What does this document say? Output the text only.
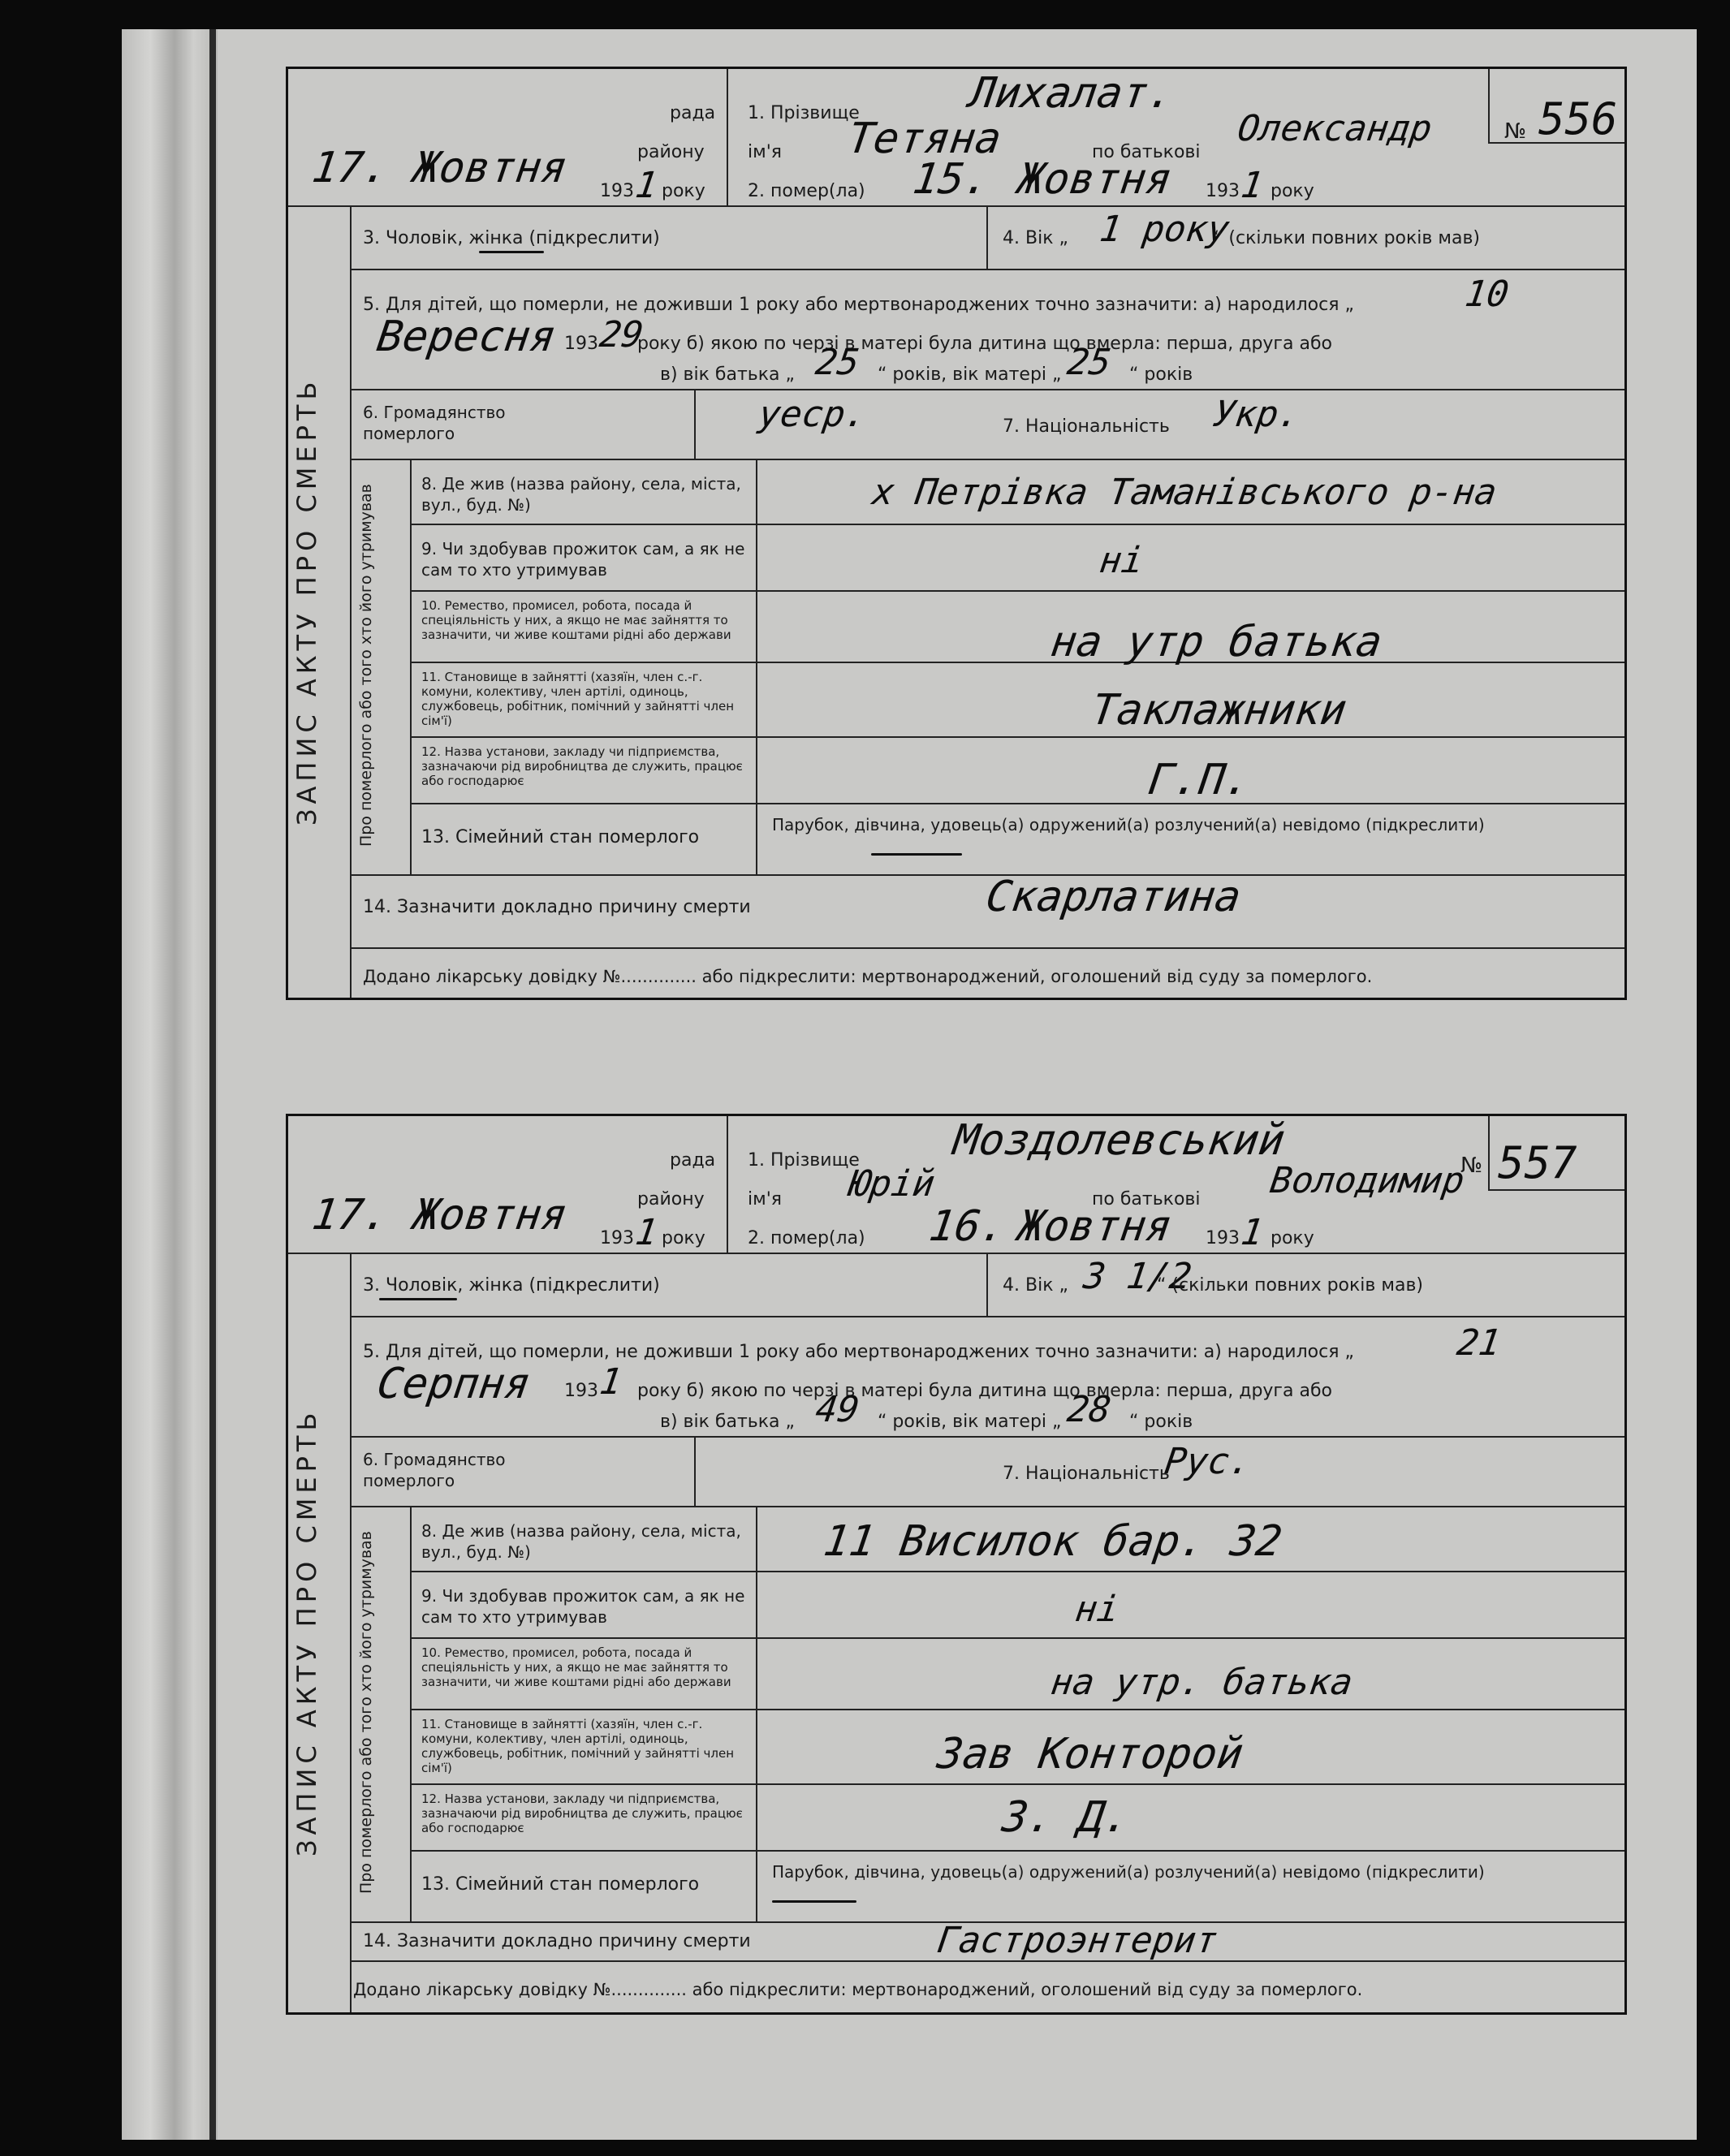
рада
району
17. Жовтня 193
1 року
1. Прізвище	Лихалат.
ім'я Тетяна	по батькові
Олександр
2. помер(ла) 15. Жовтня 193
1 року
№ 556
ЗАПИС АКТУ ПРО СМЕРТЬ
3. Чоловік, жінка (підкреслити)	4. Вік „ 1 року
“ (скільки повних років мав)
5. Для дітей, що померли, не доживши 1 року або мертвонароджених точно зазначити: а) народилося „	10
Вересня 193
29
року б) якою по черзі в матері була дитина що вмерла: перша, друга або
в) вік батька „ 25 “ років, вік матері „ 25 “ років
6. Громадянство померлого	уеср.	7. Національність Укр.
Про померлого або того хто його утримував
8. Де жив (назва району, села, міста, вул., буд. №)	х Петрівка Таманівського р-на
9. Чи здобував прожиток сам, а як не сам то хто утримував	ні
10. Ремество, промисел, робота, посада й спеціяльність у них, а якщо не має зайняття то зазначити, чи живе коштами рідні або держави	на утр батька
11. Становище в зайнятті (хазяїн, член с.-г. комуни, колективу, член артілі, одиноць, службовець, робітник, помічний у зайнятті член сім'ї)	Таклажники
12. Назва установи, закладу чи підприємства, зазначаючи рід виробництва де служить, працює або господарює	Г.П.
13. Сімейний стан померлого
Парубок, дівчина, удовець(а) одружений(а) розлучений(а) невідомо (підкреслити)
14. Зазначити докладно причину смерти	Скарлатина
Додано лікарську довідку №.............. або підкреслити: мертвонароджений, оголошений від суду за померлого.
рада
району
17. Жовтня 193
1 року
1. Прізвище Моздолевський
ім'я Юрій	по батькові Володимир
2. помер(ла) 16. Жовтня 193
1 року
№ 557
ЗАПИС АКТУ ПРО СМЕРТЬ
3. Чоловік, жінка (підкреслити)	4. Вік „ 3 1/2
“ (скільки повних років мав)
5. Для дітей, що померли, не доживши 1 року або мертвонароджених точно зазначити: а) народилося „	21
Серпня 193
1 року б) якою по черзі в матері була дитина що вмерла: перша, друга або
в) вік батька „ 49 “ років, вік матері „ 28 “ років
6. Громадянство померлого	7. Національність
Рус.
Про померлого або того хто його утримував
8. Де жив (назва району, села, міста, вул., буд. №)	11 Висилок бар. 32
9. Чи здобував прожиток сам, а як не сам то хто утримував	ні
10. Ремество, промисел, робота, посада й спеціяльність у них, а якщо не має зайняття то зазначити, чи живе коштами рідні або держави	на утр. батька
11. Становище в зайнятті (хазяїн, член с.-г. комуни, колективу, член артілі, одиноць, службовець, робітник, помічний у зайнятті член сім'ї)	Зав Конторой
12. Назва установи, закладу чи підприємства, зазначаючи рід виробництва де служить, працює або господарює	З. Д.
13. Сімейний стан померлого
Парубок, дівчина, удовець(а) одружений(а) розлучений(а) невідомо (підкреслити)
14. Зазначити докладно причину смерти	Гастроэнтерит
Додано лікарську довідку №.............. або підкреслити: мертвонароджений, оголошений від суду за померлого.
